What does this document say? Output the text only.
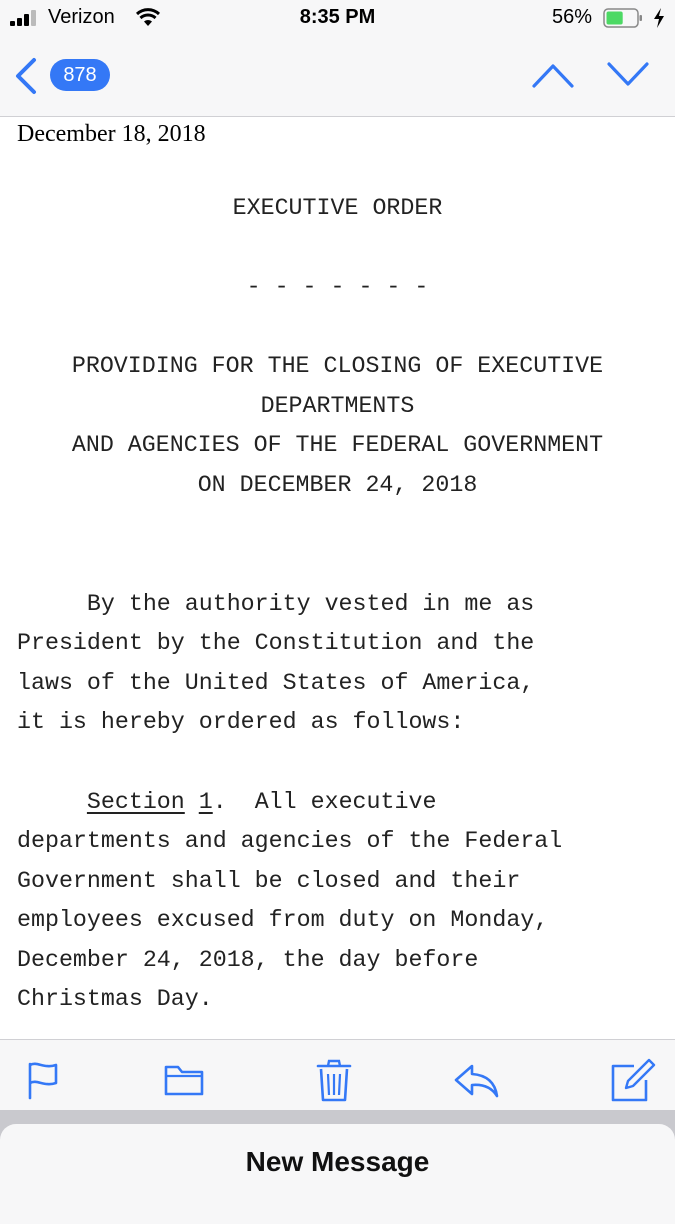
Verizon	8:35 PM	56%
878
December 18, 2018
EXECUTIVE ORDER
- - - - - - -
PROVIDING FOR THE CLOSING OF EXECUTIVE
DEPARTMENTS
AND AGENCIES OF THE FEDERAL GOVERNMENT
ON DECEMBER 24, 2018
By the authority vested in me as
President by the Constitution and the
laws of the United States of America,
it is hereby ordered as follows:
Section 1.  All executive
departments and agencies of the Federal
Government shall be closed and their
employees excused from duty on Monday,
December 24, 2018, the day before
Christmas Day.
New Message
